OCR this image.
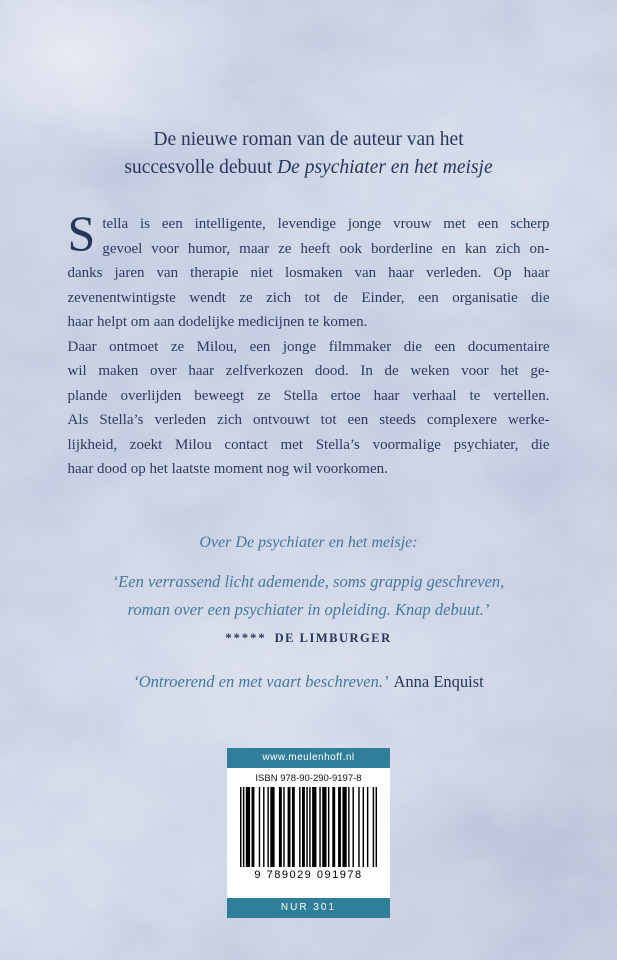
De nieuwe roman van de auteur van het
succesvolle debuut De psychiater en het meisje
S tella is een intelligente, levendige jonge vrouw met een scherp
gevoel voor humor, maar ze heeft ook borderline en kan zich on-
danks jaren van therapie niet losmaken van haar verleden. Op haar
zevenentwintigste wendt ze zich tot de Einder, een organisatie die
haar helpt om aan dodelijke medicijnen te komen.
Daar ontmoet ze Milou, een jonge filmmaker die een documentaire
wil maken over haar zelfverkozen dood. In de weken voor het ge-
plande overlijden beweegt ze Stella ertoe haar verhaal te vertellen.
Als Stella’s verleden zich ontvouwt tot een steeds complexere werke-
lijkheid, zoekt Milou contact met Stella’s voormalige psychiater, die
haar dood op het laatste moment nog wil voorkomen.
Over De psychiater en het meisje:
‘Een verrassend licht ademende, soms grappig geschreven,
roman over een psychiater in opleiding. Knap debuut.’
***** DE LIMBURGER
‘Ontroerend en met vaart beschreven.’ Anna Enquist
www.meulenhoff.nl
ISBN 978-90-290-9197-8
9 789029 091978
NUR 301
